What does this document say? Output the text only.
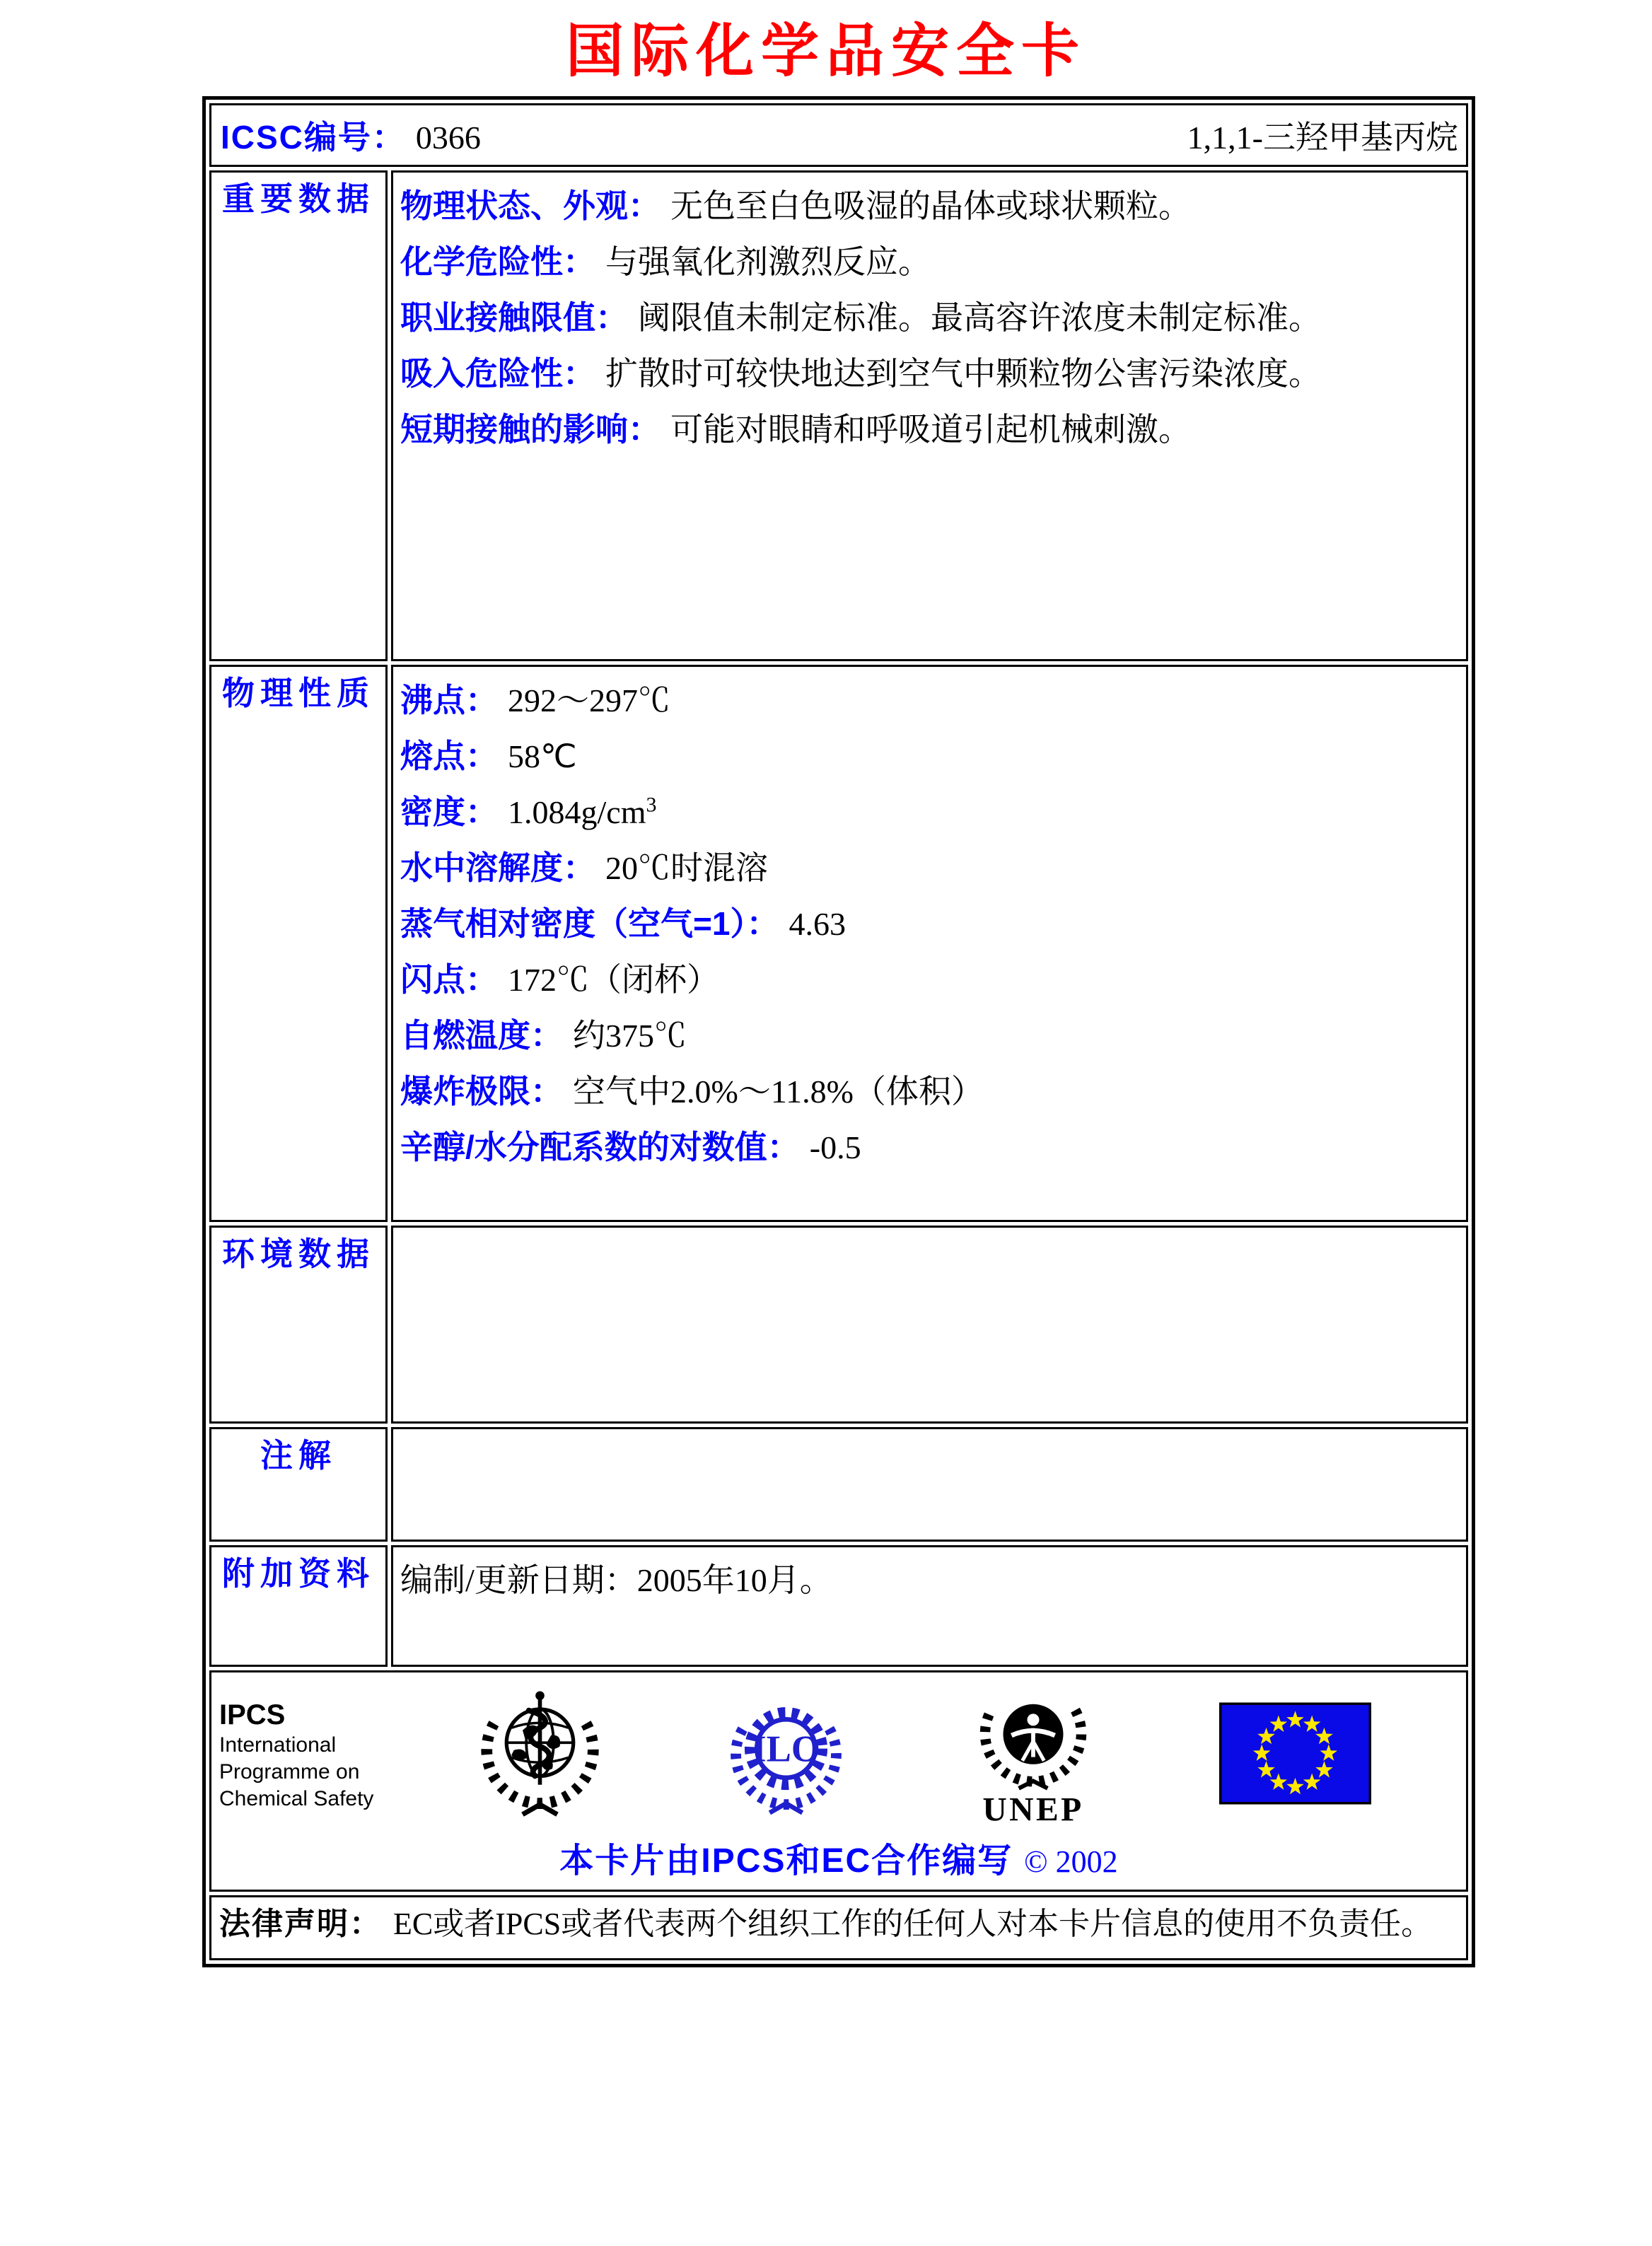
国际化学品安全卡
ICSC编号： 0366 1,1,1-三羟甲基丙烷	

重要数据	物理状态、外观： 无色至白色吸湿的晶体或球状颗粒。
化学危险性： 与强氧化剂激烈反应。
职业接触限值： 阈限值未制定标准。最高容许浓度未制定标准。
吸入危险性： 扩散时可较快地达到空气中颗粒物公害污染浓度。
短期接触的影响： 可能对眼睛和呼吸道引起机械刺激。

物理性质	沸点： 292～297℃
熔点： 58℃
密度： $1.084g/cm^3$
水中溶解度： 20℃时混溶
蒸气相对密度（空气=1）： 4.63
闪点： 172℃（闭杯）
自燃温度： 约375℃
爆炸极限： 空气中2.0%～11.8%（体积）
辛醇/水分配系数的对数值： -0.5

环境数据	
注解	
附加资料	编制/更新日期：2005年10月。

IPCS
International
Programme on
Chemical Safety
ILO
UNEP
本卡片由IPCS和EC合作编写 © 2002

法律声明： EC或者IPCS或者代表两个组织工作的任何人对本卡片信息的使用不负责任。	
